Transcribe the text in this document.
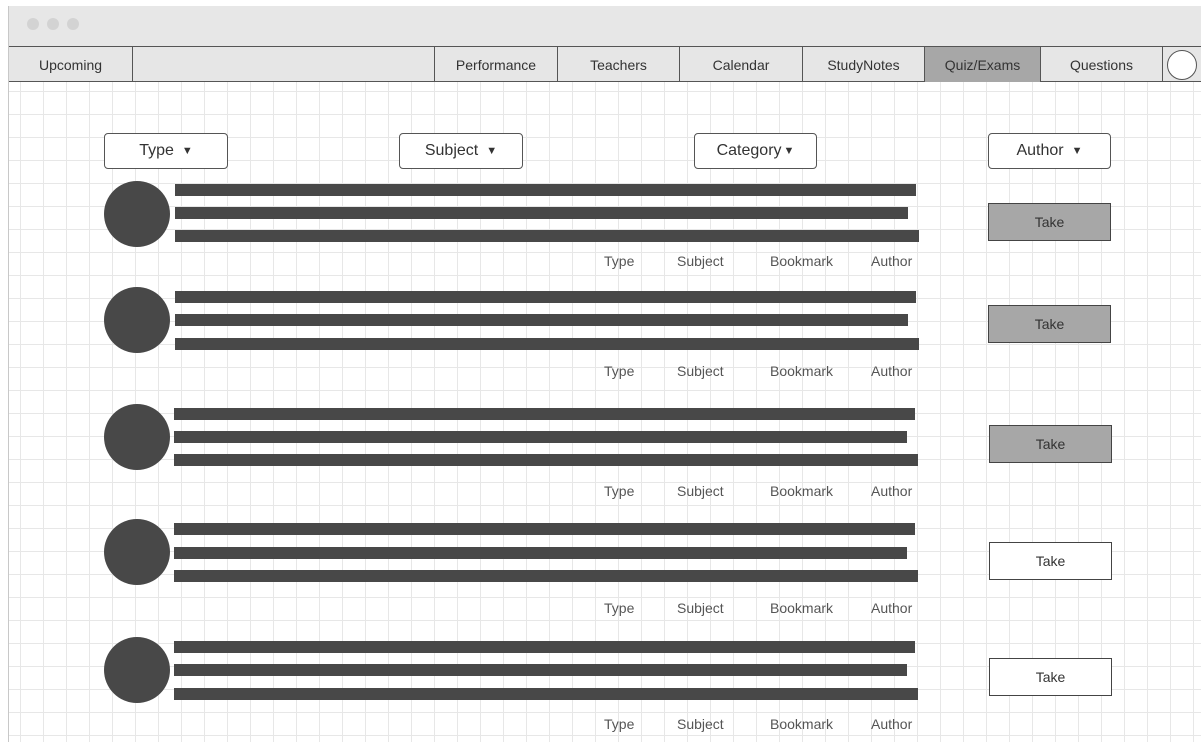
Upcoming	Performance	Teachers	Calendar	StudyNotes	Quiz/Exams	Questions
Type ▼	Subject ▼	Category ▼	Author ▼
Type	Subject	Bookmark	Author
Take
Type	Subject	Bookmark	Author
Take
Type	Subject	Bookmark	Author
Take
Type	Subject	Bookmark	Author
Take
Type	Subject	Bookmark	Author
Take
